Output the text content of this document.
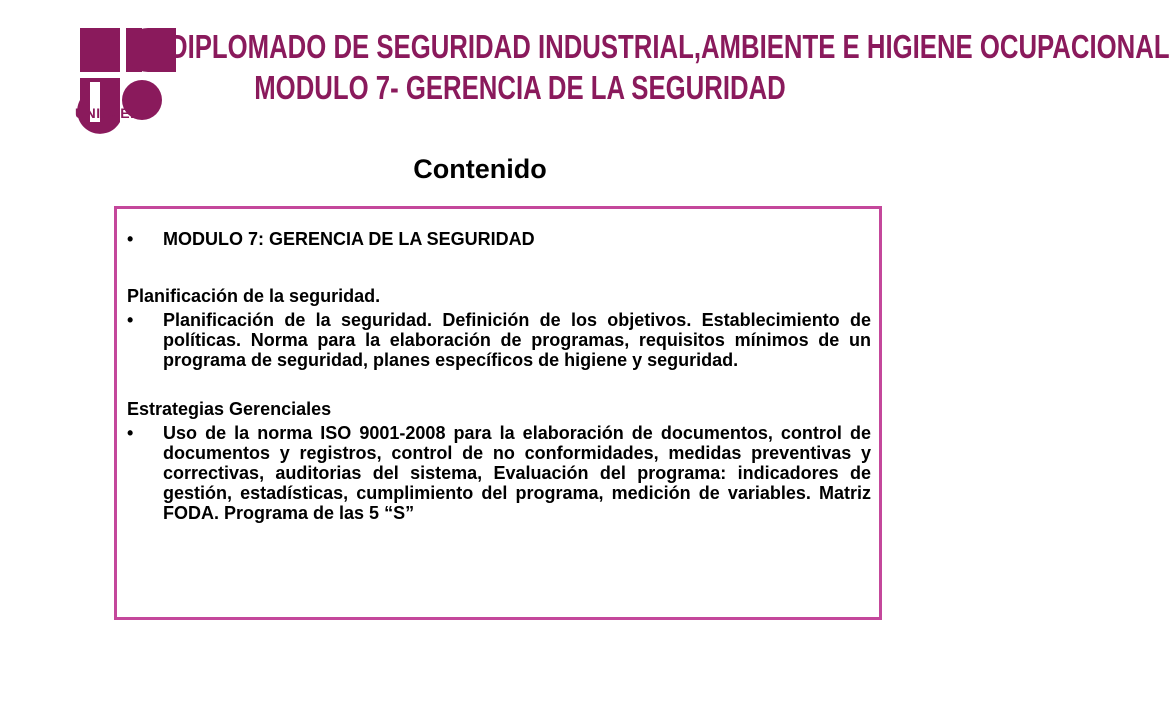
UNIOJEDA
DIPLOMADO DE SEGURIDAD INDUSTRIAL,AMBIENTE E HIGIENE OCUPACIONAL
MODULO 7- GERENCIA DE LA SEGURIDAD
Contenido
•	MODULO 7: GERENCIA DE LA SEGURIDAD
Planificación de la seguridad.
•	Planificación de la seguridad. Definición de los objetivos. Establecimiento de políticas. Norma para la elaboración de programas, requisitos mínimos de un programa de seguridad, planes específicos de higiene y seguridad.
Estrategias Gerenciales
•	Uso de la norma ISO 9001-2008 para la elaboración de documentos, control de documentos y registros, control de no conformidades, medidas preventivas y correctivas, auditorias del sistema, Evaluación del programa: indicadores de gestión, estadísticas, cumplimiento del programa, medición de variables. Matriz FODA. Programa de las 5 “S”
